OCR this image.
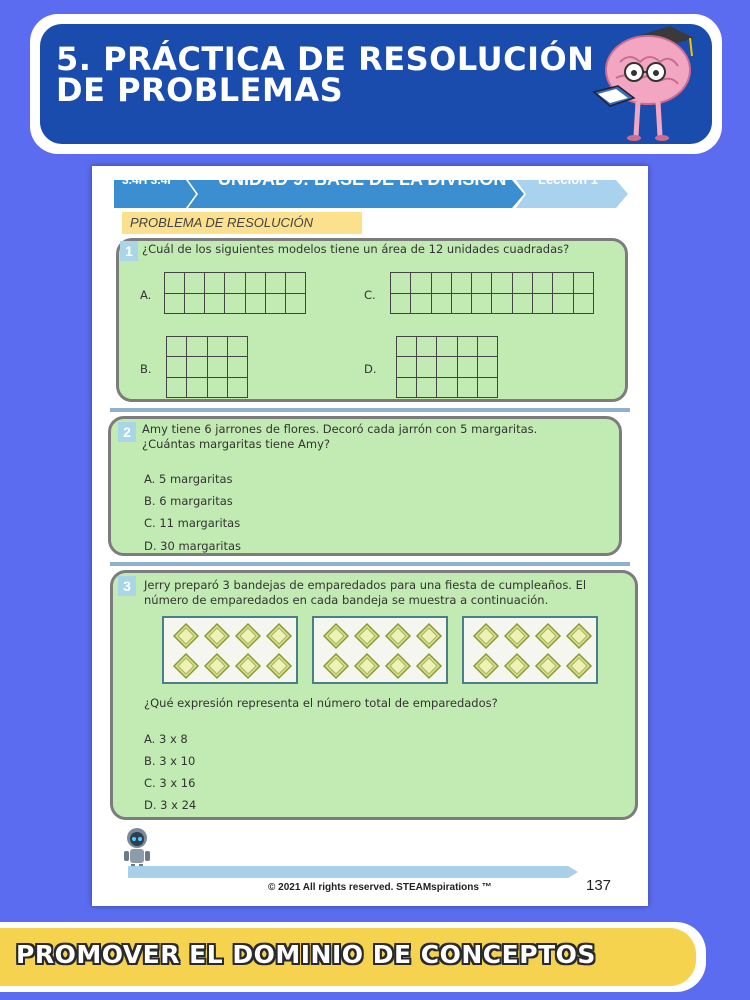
5. PRÁCTICA DE RESOLUCIÓN
DE PROBLEMAS
3.4H 3.4I	UNIDAD 9: BASE DE LA DIVISIÓN Lección 1
PROBLEMA DE RESOLUCIÓN
1 ¿Cuál de los siguientes modelos tiene un área de 12 unidades cuadradas?
A.	C.
B.	D.
2 Amy tiene 6 jarrones de flores. Decoró cada jarrón con 5 margaritas.
¿Cuántas margaritas tiene Amy?
A. 5 margaritas
B. 6 margaritas
C. 11 margaritas
D. 30 margaritas
3	Jerry preparó 3 bandejas de emparedados para una fiesta de cumpleaños. El
número de emparedados en cada bandeja se muestra a continuación.
¿Qué expresión representa el número total de emparedados?
A. 3 x 8
B. 3 x 10
C. 3 x 16
D. 3 x 24
© 2021 All rights reserved. STEAMspirations ™	137
PROMOVER EL DOMINIO DE CONCEPTOS
